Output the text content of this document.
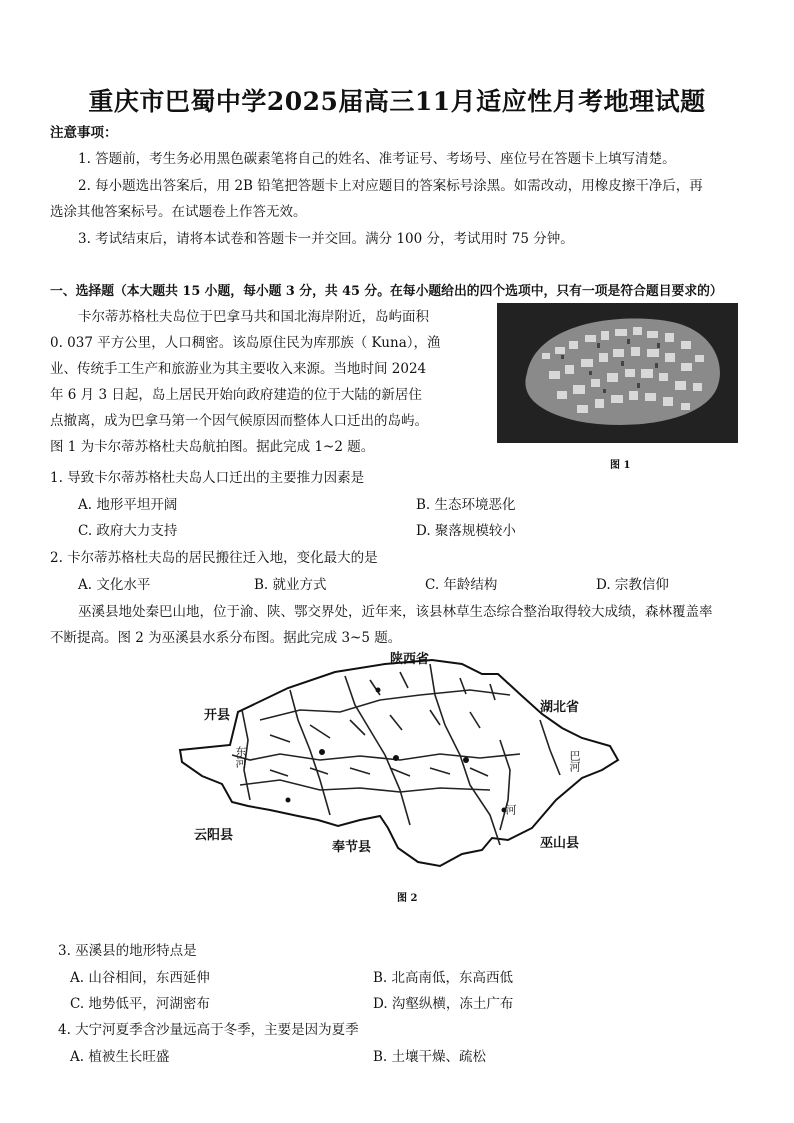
重庆市巴蜀中学2025届高三11月适应性月考地理试题
注意事项：
1. 答题前，考生务必用黑色碳素笔将自己的姓名、准考证号、考场号、座位号在答题卡上填写清楚。
2. 每小题选出答案后，用 2B 铅笔把答题卡上对应题目的答案标号涂黑。如需改动，用橡皮擦干净后，再
选涂其他答案标号。在试题卷上作答无效。
3. 考试结束后，请将本试卷和答题卡一并交回。满分 100 分，考试用时 75 分钟。
一、选择题（本大题共 15 小题，每小题 3 分，共 45 分。在每小题给出的四个选项中，只有一项是符合题目要求的）
卡尔蒂苏格杜夫岛位于巴拿马共和国北海岸附近，岛屿面积
0. 037 平方公里，人口稠密。该岛原住民为库那族（ Kuna），渔
业、传统手工生产和旅游业为其主要收入来源。当地时间 2024
年 6 月 3 日起，岛上居民开始向政府建造的位于大陆的新居住
点撤离，成为巴拿马第一个因气候原因而整体人口迁出的岛屿。
图 1 为卡尔蒂苏格杜夫岛航拍图。据此完成 1~2 题。
图 1
1. 导致卡尔蒂苏格杜夫岛人口迁出的主要推力因素是
A. 地形平坦开阔	B. 生态环境恶化
C. 政府大力支持	D. 聚落规模较小
2. 卡尔蒂苏格杜夫岛的居民搬往迁入地，变化最大的是
A. 文化水平	B. 就业方式	C. 年龄结构	D. 宗教信仰
巫溪县地处秦巴山地，位于渝、陕、鄂交界处，近年来，该县林草生态综合整治取得较大成绩，森林覆盖率
不断提高。图 2 为巫溪县水系分布图。据此完成 3~5 题。
陕西省
湖北省
开县
云阳县
奉节县	巫山县
东河
河
巴河
图 2
3. 巫溪县的地形特点是
A. 山谷相间，东西延伸	B. 北高南低，东高西低
C. 地势低平，河湖密布	D. 沟壑纵横，冻土广布
4. 大宁河夏季含沙量远高于冬季，主要是因为夏季
A. 植被生长旺盛	B. 土壤干燥、疏松
